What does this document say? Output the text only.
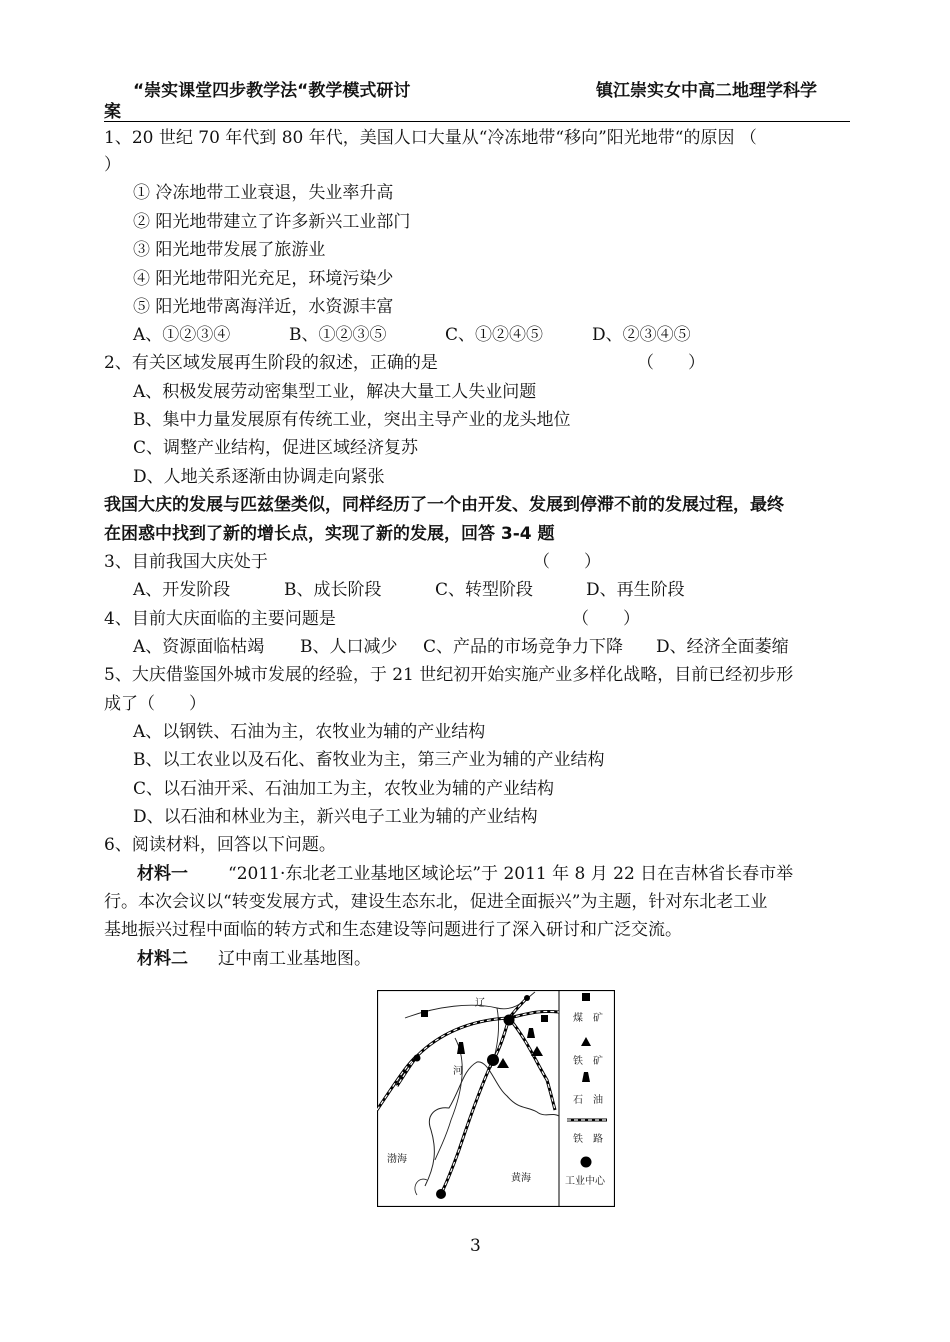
“崇实课堂四步教学法“教学模式研讨
案
镇江崇实女中高二地理学科学
1、20 世纪 70 年代到 80 年代，美国人口大量从“冷冻地带“移向”阳光地带“的原因 （
）
① 冷冻地带工业衰退，失业率升高
② 阳光地带建立了许多新兴工业部门
③ 阳光地带发展了旅游业
④ 阳光地带阳光充足，环境污染少
⑤ 阳光地带离海洋近，水资源丰富
A、①②③④	B、①②③⑤	C、①②④⑤	D、②③④⑤
2、有关区域发展再生阶段的叙述，正确的是	（　　）
A、积极发展劳动密集型工业，解决大量工人失业问题
B、集中力量发展原有传统工业，突出主导产业的龙头地位
C、调整产业结构，促进区域经济复苏
D、人地关系逐渐由协调走向紧张
我国大庆的发展与匹兹堡类似，同样经历了一个由开发、发展到停滞不前的发展过程，最终
在困惑中找到了新的增长点，实现了新的发展，回答 3-4 题
3、目前我国大庆处于	（　　）
A、开发阶段	B、成长阶段	C、转型阶段	D、再生阶段
4、目前大庆面临的主要问题是	（　　）
A、资源面临枯竭 B、人口减少 C、产品的市场竞争力下降 D、经济全面萎缩
5、大庆借鉴国外城市发展的经验，于 21 世纪初开始实施产业多样化战略，目前已经初步形
成了（　　）
A、以钢铁、石油为主，农牧业为辅的产业结构
B、以工农业以及石化、畜牧业为主，第三产业为辅的产业结构
C、以石油开采、石油加工为主，农牧业为辅的产业结构
D、以石油和林业为主，新兴电子工业为辅的产业结构
6、阅读材料，回答以下问题。
材料一 “2011·东北老工业基地区域论坛”于 2011 年 8 月 22 日在吉林省长春市举
行。本次会议以“转变发展方式，建设生态东北，促进全面振兴”为主题，针对东北老工业
基地振兴过程中面临的转方式和生态建设等问题进行了深入研讨和广泛交流。
材料二 辽中南工业基地图。
辽
河
渤海
黄海
煤　矿
铁　矿
石　油
铁　路
工业中心
3
